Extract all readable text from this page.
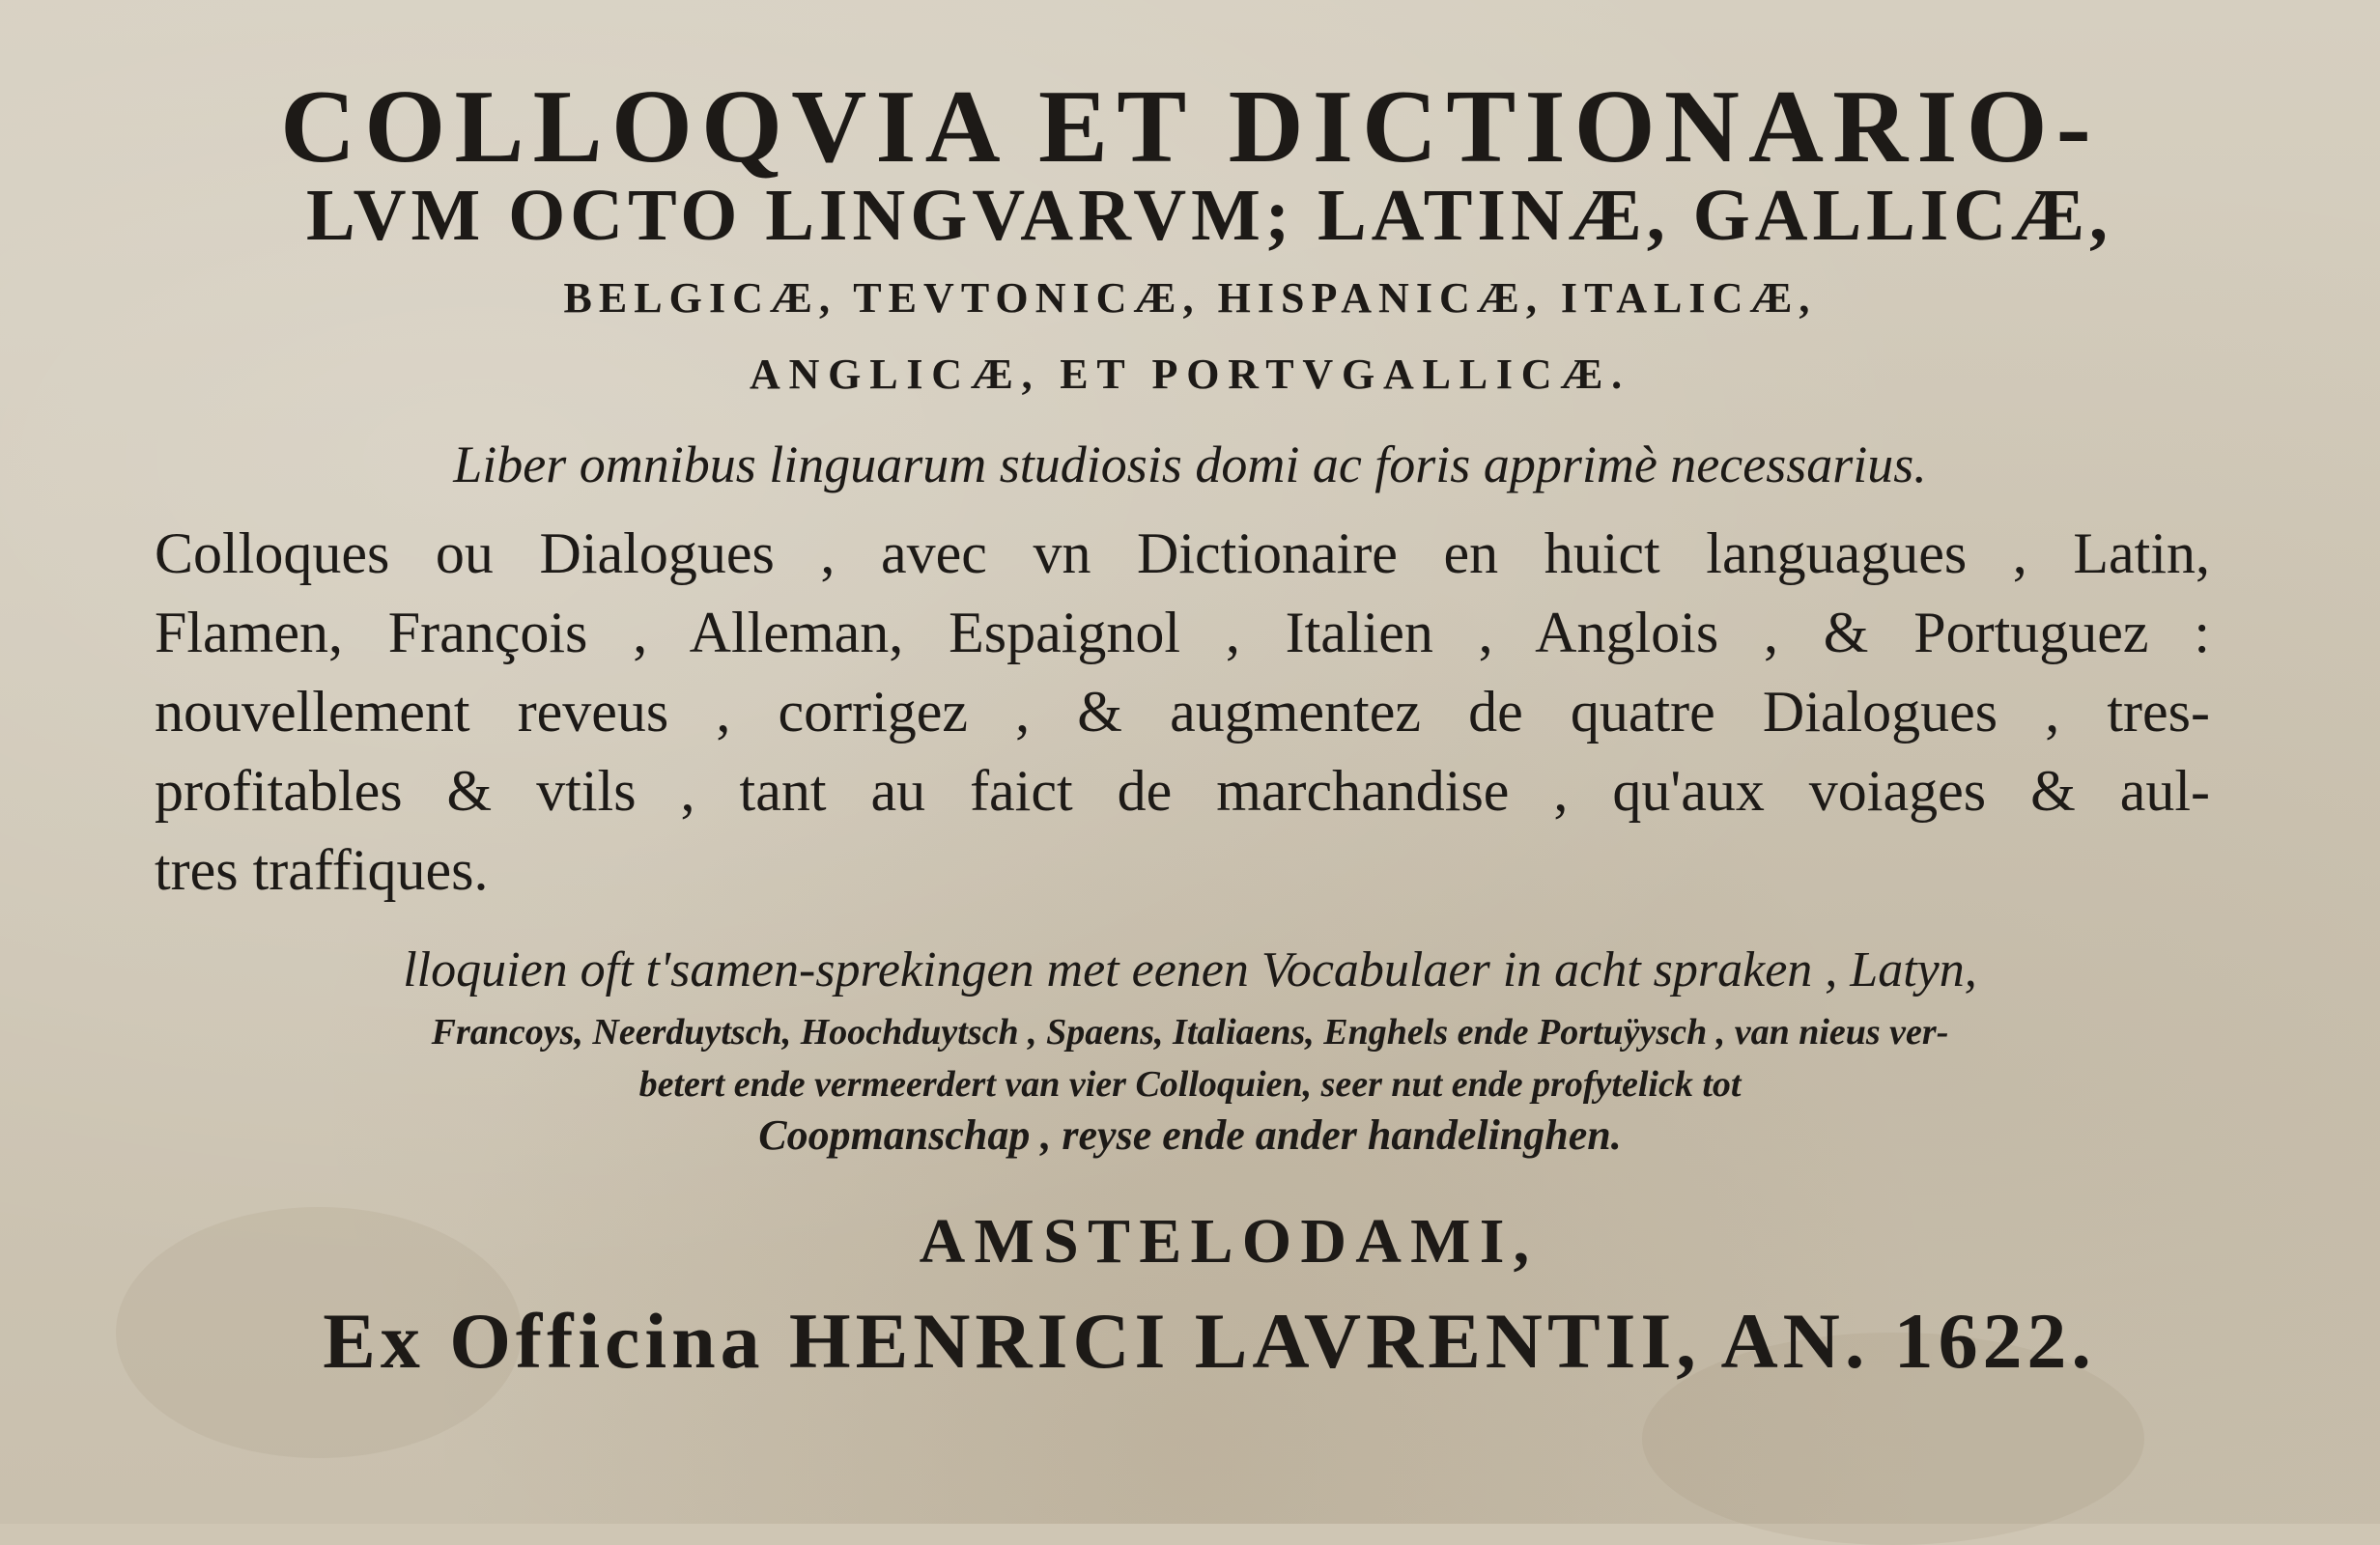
COLLOQVIA ET DICTIONARIO-

LVM OCTO LINGVARVM; LATINÆ, GALLICÆ,

BELGICÆ, TEVTONICÆ, HISPANICÆ, ITALICÆ,

ANGLICÆ, ET PORTVGALLICÆ.

Liber omnibus linguarum studiosis domi ac foris apprimè necessarius.

Colloques ou Dialogues , avec vn Dictionaire en huict languagues , Latin,

Flamen, François , Alleman, Espaignol , Italien , Anglois , & Portuguez :

nouvellement reveus , corrigez , & augmentez de quatre Dialogues , tres-

profitables & vtils , tant au faict de marchandise , qu'aux voiages & aul-

tres traffiques.

lloquien oft t'samen-sprekingen met eenen Vocabulaer in acht spraken , Latyn,

Francoys, Neerduytsch, Hoochduytsch , Spaens, Italiaens, Enghels ende Portuÿysch , van nieus ver-

betert ende vermeerdert van vier Colloquien, seer nut ende profytelick tot

Coopmanschap , reyse ende ander handelinghen.

AMSTELODAMI,

Ex Officina HENRICI LAVRENTII, AN. 1622.
